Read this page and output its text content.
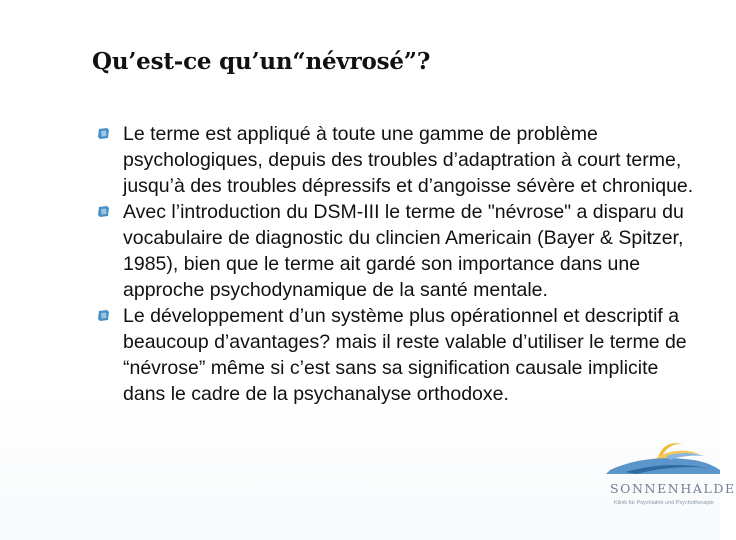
Qu’est-ce qu’un“névrosé”?
Le terme est appliqué à toute une gamme de problème psychologiques, depuis des troubles d’adaptration à court terme, jusqu’à des troubles dépressifs et d’angoisse sévère et chronique.
Avec l’introduction du DSM-III le terme de "névrose" a disparu du vocabulaire de diagnostic du clincien Americain (Bayer & Spitzer, 1985), bien que le terme ait gardé son importance dans une approche psychodynamique de la santé mentale.
Le développement d’un système plus opérationnel et descriptif a beaucoup d’avantages? mais il reste valable d’utiliser le terme de “névrose” même si c’est sans sa signification causale implicite dans le cadre de la psychanalyse orthodoxe.
SONNENHALDE
Klinik für Psychiatrie und Psychotherapie
